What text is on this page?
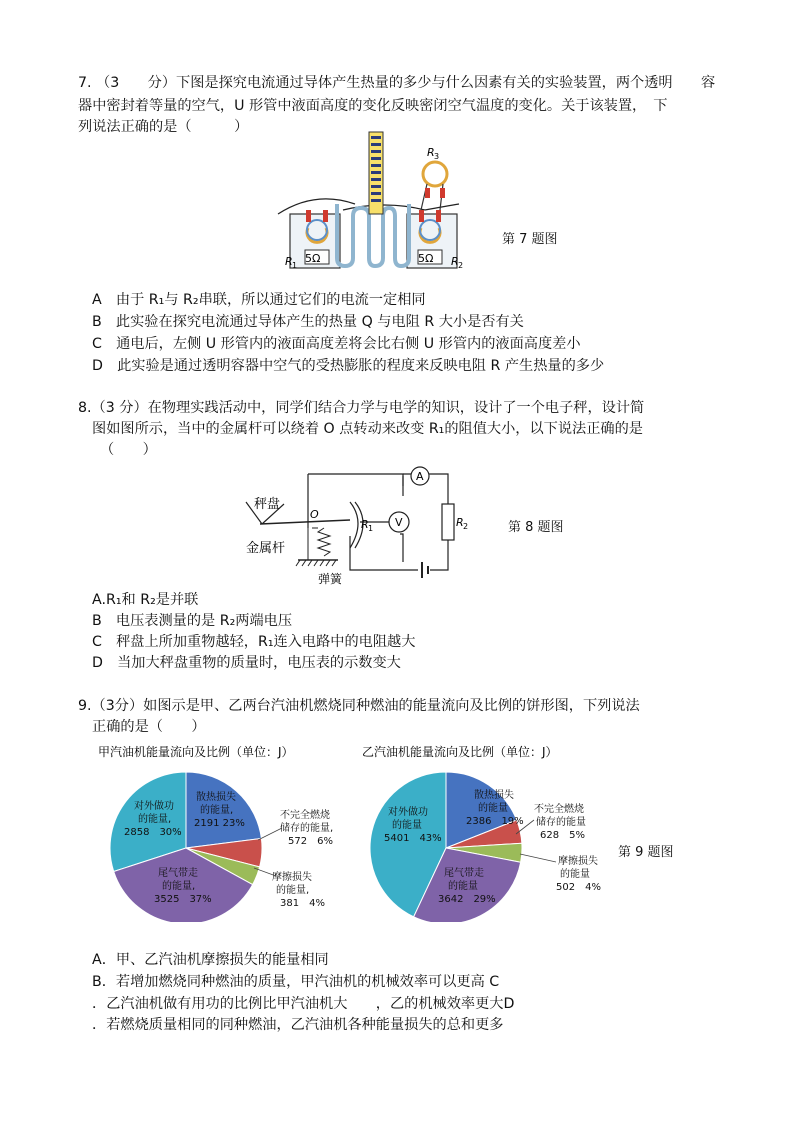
7. （3　　分）下图是探究电流通过导体产生热量的多少与什么因素有关的实验装置，两个透明　　容
器中密封着等量的空气，U 形管中液面高度的变化反映密闭空气温度的变化。关于该装置，　下
列说法正确的是（　　　）
R 1
5Ω	5Ω R 2
R 3
第 7 题图
A　由于 R₁与 R₂串联，所以通过它们的电流一定相同
B　此实验在探究电流通过导体产生的热量 Q 与电阻 R 大小是否有关
C　通电后，左侧 U 形管内的液面高度差将会比右侧 U 形管内的液面高度差小
D　此实验是通过透明容器中空气的受热膨胀的程度来反映电阻 R 产生热量的多少
8.（3 分）在物理实践活动中，同学们结合力学与电学的知识，设计了一个电子秤，设计简
图如图所示，当中的金属杆可以绕着 O 点转动来改变 R₁的阻值大小，以下说法正确的是
（　　）
A
V	R 2
R 1
O
秤盘
金属杆
弹簧
第 8 题图
A.R₁和 R₂是并联
B　电压表测量的是 R₂两端电压
C　秤盘上所加重物越轻，R₁连入电路中的电阻越大
D　当加大秤盘重物的质量时，电压表的示数变大
9.（3分）如图示是甲、乙两台汽油机燃烧同种燃油的能量流向及比例的饼形图，下列说法
正确的是（　　）
甲汽油机能量流向及比例（单位：J）
对外做功
的能量,
2858　30%
散热损失
的能量,
2191 23%
不完全燃烧
储存的能量,
572　6%
摩擦损失
的能量,
381　4%
尾气带走
的能量,
3525　37%
乙汽油机能量流向及比例（单位：J）
对外做功
的能量
5401　43%
散热损失
的能量
2386　19%
不完全燃烧
储存的能量
628　5%
摩擦损失
的能量
502　4%
尾气带走
的能量
3642　29%
第 9 题图
A．甲、乙汽油机摩擦损失的能量相同
B．若增加燃烧同种燃油的质量，甲汽油机的机械效率可以更高 C
．乙汽油机做有用功的比例比甲汽油机大　　，乙的机械效率更大D
．若燃烧质量相同的同种燃油，乙汽油机各种能量损失的总和更多
